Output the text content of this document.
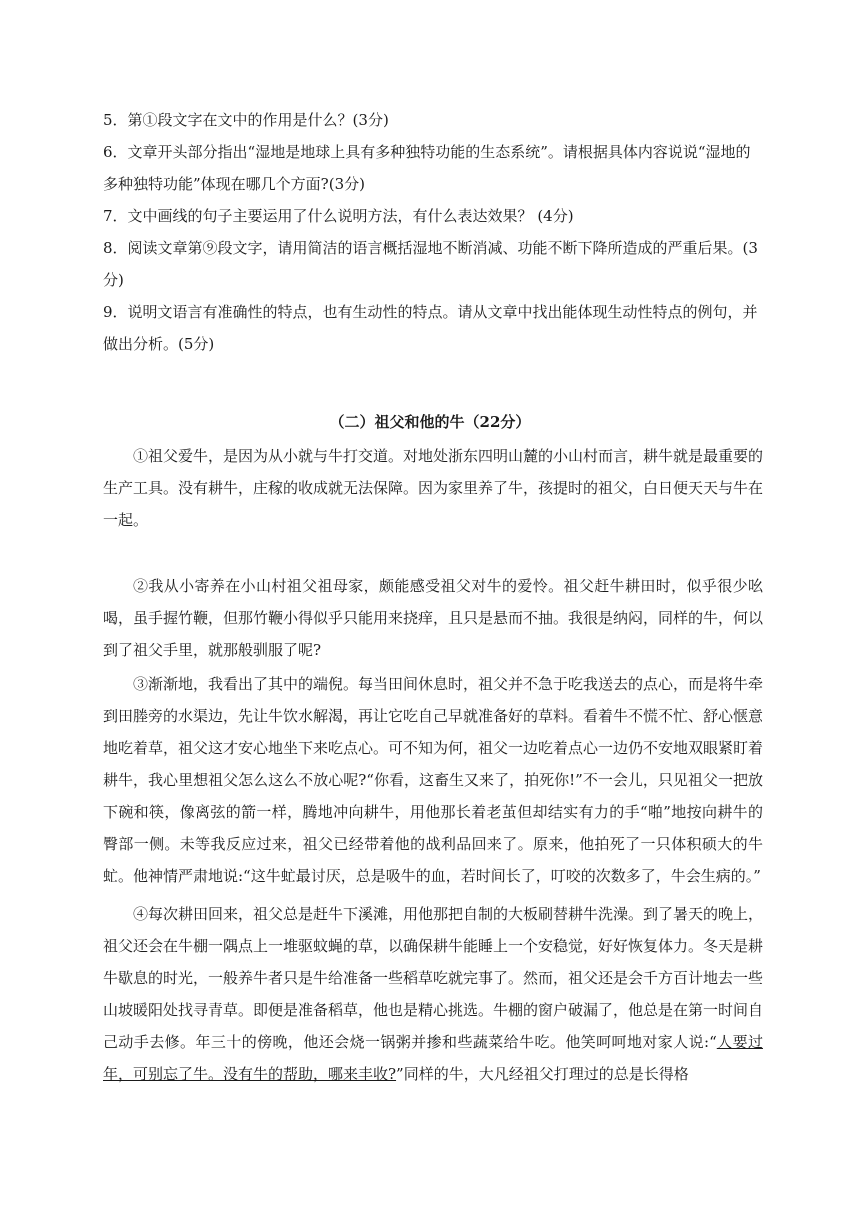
5．第①段文字在文中的作用是什么？(3分)

6．文章开头部分指出“湿地是地球上具有多种独特功能的生态系统”。请根据具体内容说说“湿地的多种独特功能”体现在哪几个方面?(3分)

7．文中画线的句子主要运用了什么说明方法，有什么表达效果？ (4分)

8．阅读文章第⑨段文字，请用简洁的语言概括湿地不断消减、功能不断下降所造成的严重后果。(3分)

9．说明文语言有准确性的特点，也有生动性的特点。请从文章中找出能体现生动性特点的例句，并做出分析。(5分)

（二）祖父和他的牛（22分）

①祖父爱牛，是因为从小就与牛打交道。对地处浙东四明山麓的小山村而言，耕牛就是最重要的生产工具。没有耕牛，庄稼的收成就无法保障。因为家里养了牛，孩提时的祖父，白日便天天与牛在一起。

②我从小寄养在小山村祖父祖母家，颇能感受祖父对牛的爱怜。祖父赶牛耕田时，似乎很少吆喝，虽手握竹鞭，但那竹鞭小得似乎只能用来挠痒，且只是悬而不抽。我很是纳闷，同样的牛，何以到了祖父手里，就那般驯服了呢?

③渐渐地，我看出了其中的端倪。每当田间休息时，祖父并不急于吃我送去的点心，而是将牛牵到田塍旁的水渠边，先让牛饮水解渴，再让它吃自己早就准备好的草料。看着牛不慌不忙、舒心惬意地吃着草，祖父这才安心地坐下来吃点心。可不知为何，祖父一边吃着点心一边仍不安地双眼紧盯着耕牛，我心里想祖父怎么这么不放心呢?“你看，这畜生又来了，拍死你!”不一会儿，只见祖父一把放下碗和筷，像离弦的箭一样，腾地冲向耕牛，用他那长着老茧但却结实有力的手“啪”地按向耕牛的臀部一侧。未等我反应过来，祖父已经带着他的战利品回来了。原来，他拍死了一只体积硕大的牛虻。他神情严肃地说:“这牛虻最讨厌，总是吸牛的血，若时间长了，叮咬的次数多了，牛会生病的。”

④每次耕田回来，祖父总是赶牛下溪滩，用他那把自制的大板刷替耕牛洗澡。到了暑天的晚上，祖父还会在牛棚一隅点上一堆驱蚊蝇的草，以确保耕牛能睡上一个安稳觉，好好恢复体力。冬天是耕牛歇息的时光，一般养牛者只是牛给准备一些稻草吃就完事了。然而，祖父还是会千方百计地去一些山坡暖阳处找寻青草。即便是准备稻草，他也是精心挑选。牛棚的窗户破漏了，他总是在第一时间自己动手去修。年三十的傍晚，他还会烧一锅粥并掺和些蔬菜给牛吃。他笑呵呵地对家人说:“人要过年，可别忘了牛。没有牛的帮助，哪来丰收?”同样的牛，大凡经祖父打理过的总是长得格
